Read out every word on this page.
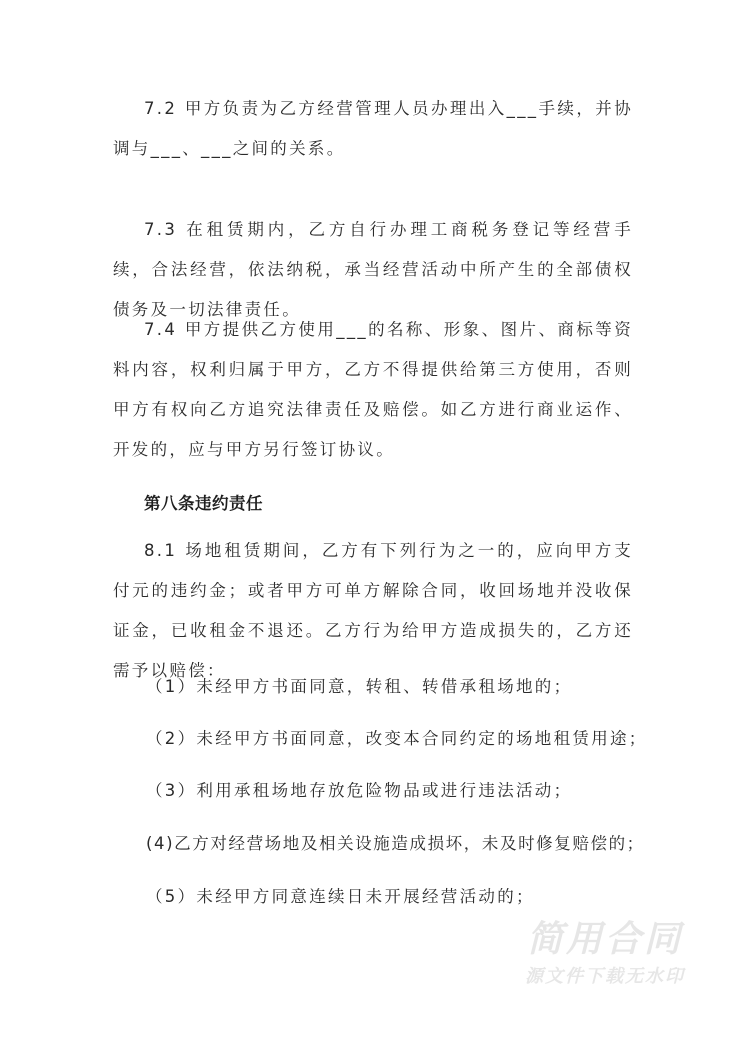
7.2 甲方负责为乙方经营管理人员办理出入___手续，并协调与___、___之间的关系。

7.3 在租赁期内，乙方自行办理工商税务登记等经营手续，合法经营，依法纳税，承当经营活动中所产生的全部债权债务及一切法律责任。

7.4 甲方提供乙方使用___的名称、形象、图片、商标等资料内容，权利归属于甲方，乙方不得提供给第三方使用，否则甲方有权向乙方追究法律责任及赔偿。如乙方进行商业运作、开发的，应与甲方另行签订协议。

第八条违约责任

8.1 场地租赁期间，乙方有下列行为之一的，应向甲方支付元的违约金；或者甲方可单方解除合同，收回场地并没收保证金，已收租金不退还。乙方行为给甲方造成损失的，乙方还需予以赔偿：

（1）未经甲方书面同意，转租、转借承租场地的；

（2）未经甲方书面同意，改变本合同约定的场地租赁用途；

（3）利用承租场地存放危险物品或进行违法活动；

(4)乙方对经营场地及相关设施造成损坏，未及时修复赔偿的；

（5）未经甲方同意连续日未开展经营活动的；

简用合同
源文件下载无水印
